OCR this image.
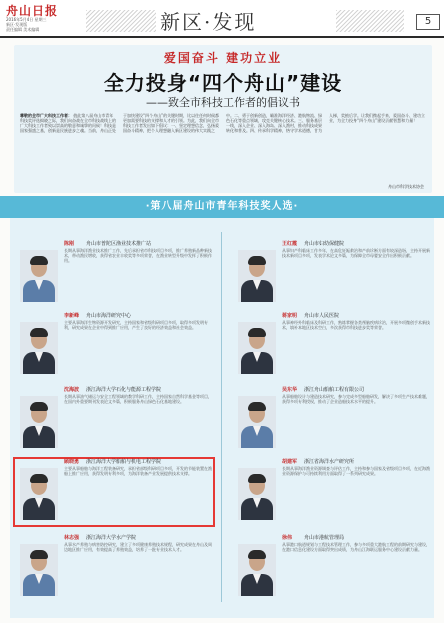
舟山日报
2016年5月4日 星期三
新区·发现版
责任编辑 美术编辑	新区·发现	5
爱国奋斗 建功立业
全力投身“四个舟山”建设
——致全市科技工作者的倡议书
尊敬的全市广大科技工作者： 值此第八届舟山市青年科技奖评选揭晓之际，我们向奋战在全市科技战线上的广大科技工作者致以崇高的敬意和诚挚的问候！科技是国家强盛之基，创新是民族进步之魂。当前，舟山正处于加快建设“四个舟山”的关键时期，比以往任何时候都更加需要科技的支撑和人才的引领。为此，我们向全市科技工作者发出如下倡议：一、坚定理想信念，弘扬爱国奋斗精神，把个人理想融入新区建设的伟大实践之中。二、勇于创新创造，瞄准海洋经济、港航物流、绿色石化等重点领域，攻克关键核心技术。三、服务基层一线，深入企业、深入海岛、深入渔村，推动科技成果转化和普及。四、传承科学精神，恪守学术道德，甘为人梯，奖掖后学。让我们携起手来，爱国奋斗、建功立业，为全力投身“四个舟山”建设贡献智慧和力量！
舟山市科学技术协会
·第八届舟山市青年科技奖人选·
陈刚 舟山市普陀区渔业技术推广站
长期从事海洋渔业技术推广工作，先后承担省市科技项目多项，推广养殖新品种新技术，带动渔民增收，获得省农业丰收奖等多项荣誉，在渔业转型升级中发挥了积极作用。
王红霞 舟山市妇幼保健院
从事妇产科临床工作多年，在高危妊娠救治和产前诊断方面有较深造诣，主持开展新技术新项目多项，发表学术论文多篇，为保障全市母婴安全作出积极贡献。
李新峰 舟山市海洋研究中心
主要从事海洋生物资源开发研究，主持国家和省级科研项目多项，取得多项发明专利，研究成果在企业中得到推广应用，产生了良好的经济效益和社会效益。
蒋家明 舟山市人民医院
从事神经外科临床及科研工作，熟练掌握各类颅脑疾病诊治，开展多项微创手术新技术，填补本地区技术空白，多次获得市科技进步奖等荣誉。
沈海波 浙江海洋大学石化与能源工程学院
长期从事油气储运与安全工程领域的教学科研工作，主持国家自然科学基金等项目，在国内外重要期刊发表论文多篇，积极服务舟山绿色石化基地建设。
吴东华 浙江舟山船舶工程有限公司
从事船舶设计与建造技术研究，参与完成多型船舶研发，解决了多项生产技术难题，获得多项专利授权，推动了企业造船技术水平的提升。
顾晓勇 浙江海洋大学船舶与机电工程学院
主要从事船舶与海洋工程装备研究，承担省部级科研项目多项，开发的节能装置在渔船上推广应用，获得发明专利多项，为海洋装备产业发展提供技术支撑。
胡建军 浙江省海洋水产研究所
长期从事海洋渔业资源调查与评估工作，主持和参与国家及省级项目多项，在近海渔业资源保护与可持续利用方面取得了一系列研究成果。
林志强 浙江海洋大学水产学院
从事水产养殖与病害防控研究，建立了多项健康养殖技术规程，研究成果在舟山及周边地区推广应用，有效提高了养殖效益，培养了一批专业技术人才。
徐伟 舟山市港航管理局
从事港口航道规划与工程技术管理工作，参与多项重大港航工程的前期研究与建设，在港口信息化建设方面取得突出成绩，为舟山江海联运服务中心建设贡献力量。
